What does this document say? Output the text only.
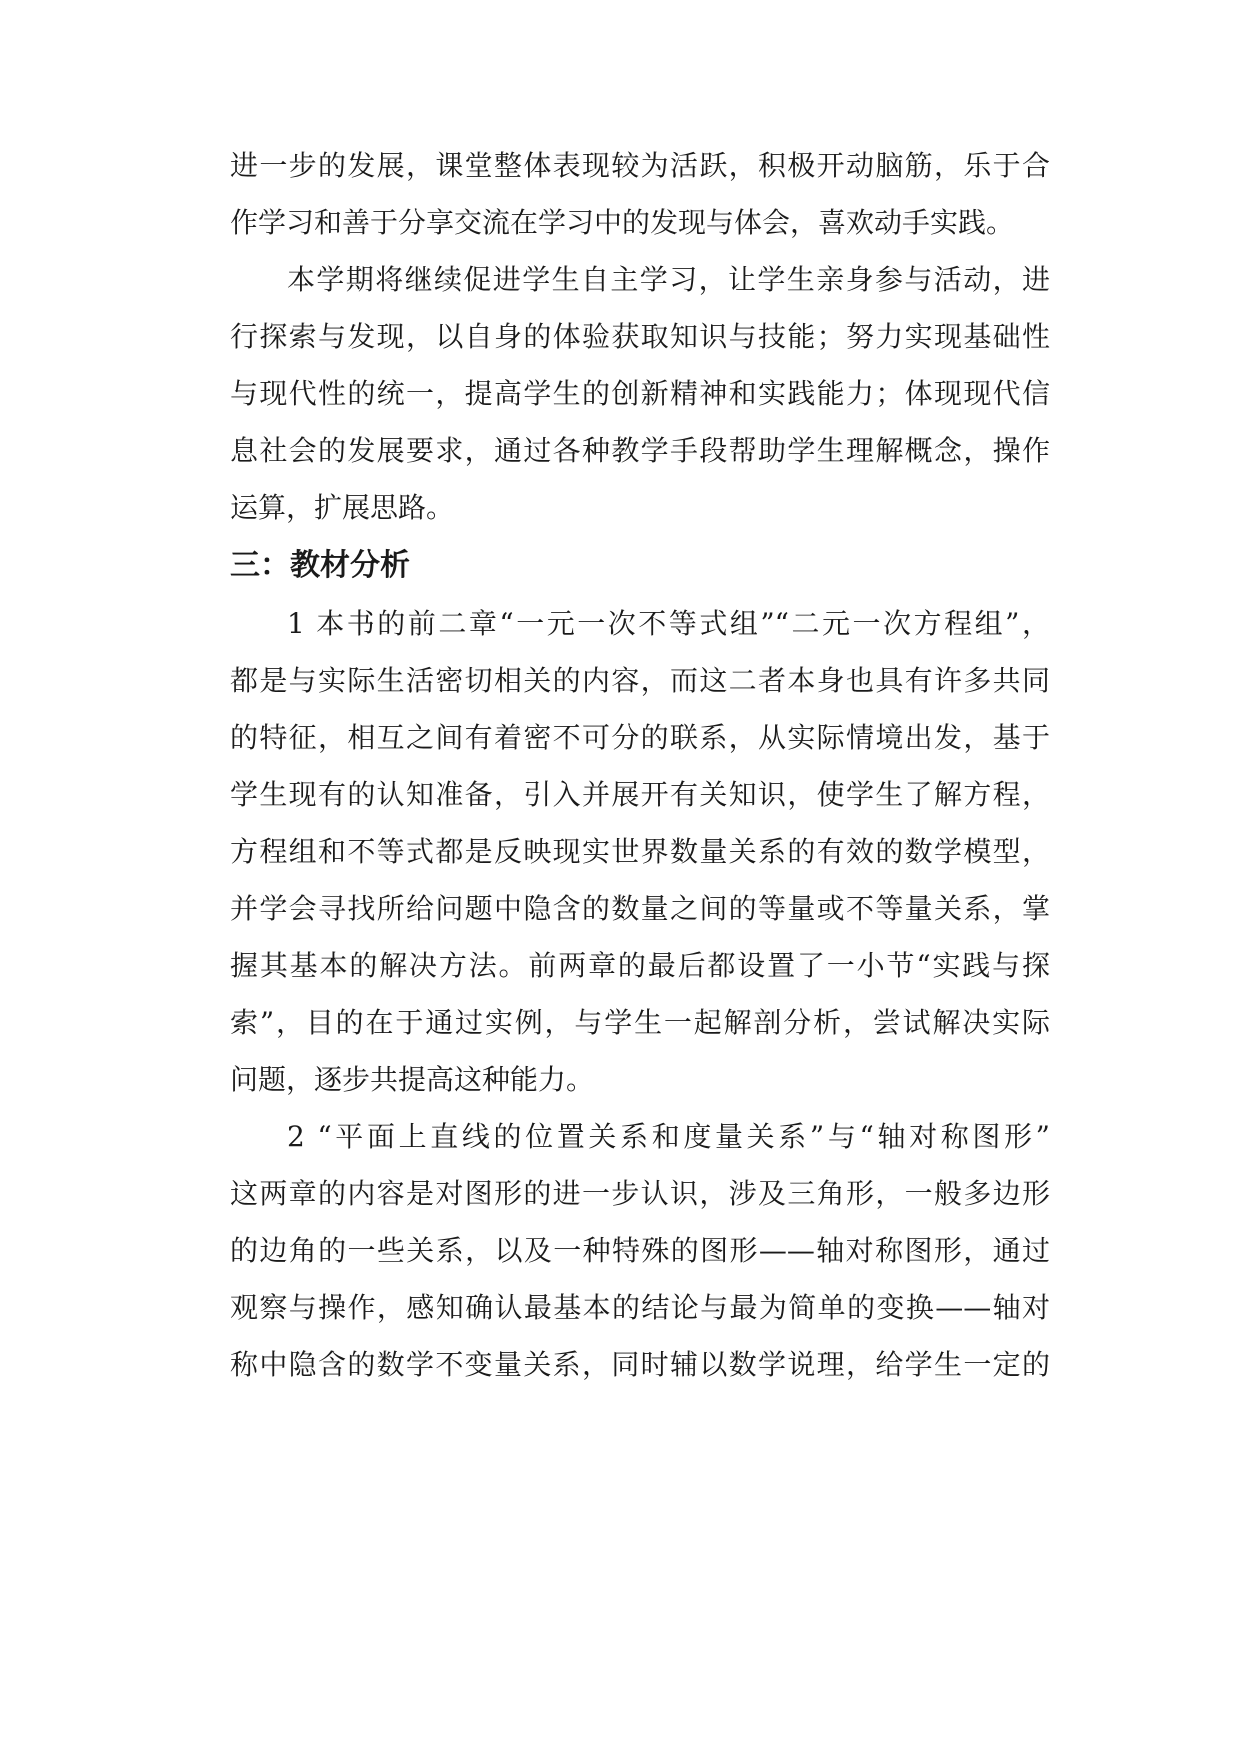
进一步的发展，课堂整体表现较为活跃，积极开动脑筋，乐于合
作学习和善于分享交流在学习中的发现与体会，喜欢动手实践。
本学期将继续促进学生自主学习，让学生亲身参与活动，进
行探索与发现，以自身的体验获取知识与技能；努力实现基础性
与现代性的统一，提高学生的创新精神和实践能力；体现现代信
息社会的发展要求，通过各种教学手段帮助学生理解概念，操作
运算，扩展思路。
三：教材分析
1 本书的前二章“一元一次不等式组”“二元一次方程组”，
都是与实际生活密切相关的内容，而这二者本身也具有许多共同
的特征，相互之间有着密不可分的联系，从实际情境出发，基于
学生现有的认知准备，引入并展开有关知识，使学生了解方程，
方程组和不等式都是反映现实世界数量关系的有效的数学模型，
并学会寻找所给问题中隐含的数量之间的等量或不等量关系，掌
握其基本的解决方法。前两章的最后都设置了一小节“实践与探
索”，目的在于通过实例，与学生一起解剖分析，尝试解决实际
问题，逐步共提高这种能力。
2 “平面上直线的位置关系和度量关系”与“轴对称图形”
这两章的内容是对图形的进一步认识，涉及三角形，一般多边形
的边角的一些关系，以及一种特殊的图形——轴对称图形，通过
观察与操作，感知确认最基本的结论与最为简单的变换——轴对
称中隐含的数学不变量关系，同时辅以数学说理，给学生一定的
